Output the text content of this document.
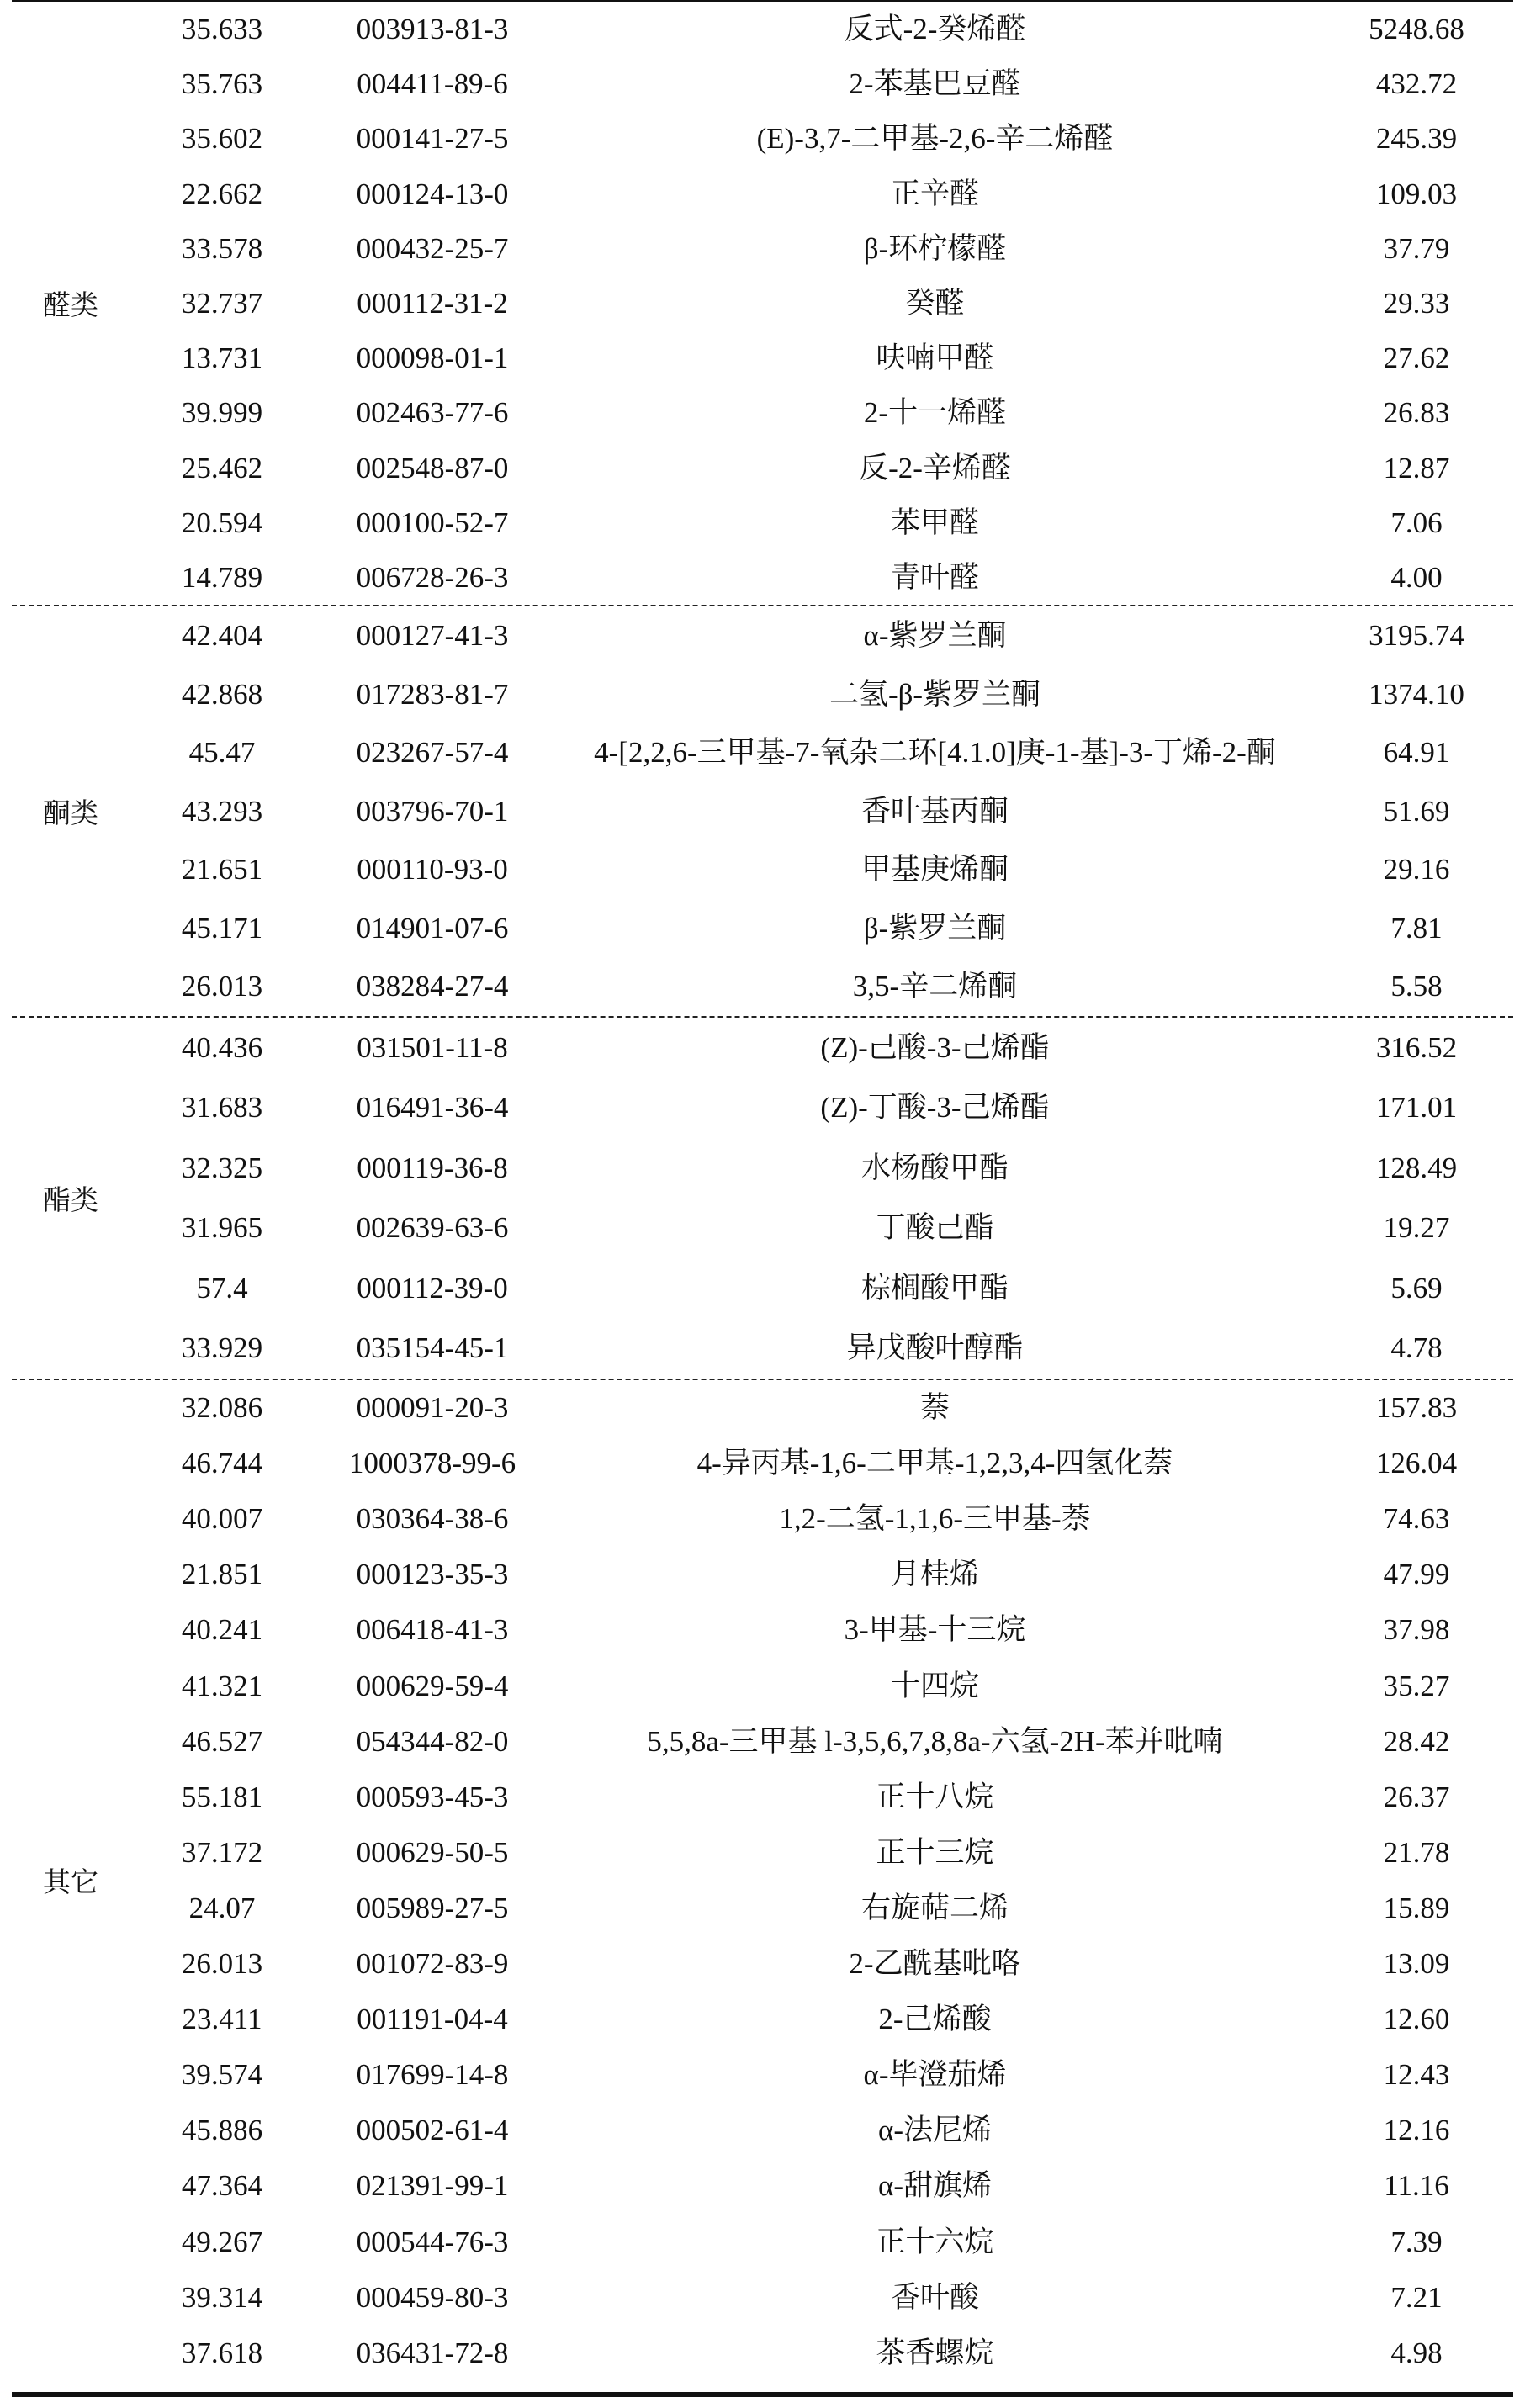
醛类
35.633	003913-81-3	反式-2-癸烯醛	5248.68
35.763	004411-89-6	2-苯基巴豆醛	432.72
35.602	000141-27-5	(E)-3,7-二甲基-2,6-辛二烯醛	245.39
22.662	000124-13-0	正辛醛	109.03
33.578	000432-25-7	β-环柠檬醛	37.79
32.737	000112-31-2	癸醛	29.33
13.731	000098-01-1	呋喃甲醛	27.62
39.999	002463-77-6	2-十一烯醛	26.83
25.462	002548-87-0	反-2-辛烯醛	12.87
20.594	000100-52-7	苯甲醛	7.06
14.789	006728-26-3	青叶醛	4.00
酮类
42.404	000127-41-3	α-紫罗兰酮	3195.74
42.868	017283-81-7	二氢-β-紫罗兰酮	1374.10
45.47	023267-57-4	4-[2,2,6-三甲基-7-氧杂二环[4.1.0]庚-1-基]-3-丁烯-2-酮	64.91
43.293	003796-70-1	香叶基丙酮	51.69
21.651	000110-93-0	甲基庚烯酮	29.16
45.171	014901-07-6	β-紫罗兰酮	7.81
26.013	038284-27-4	3,5-辛二烯酮	5.58
酯类
40.436	031501-11-8	(Z)-己酸-3-己烯酯	316.52
31.683	016491-36-4	(Z)-丁酸-3-己烯酯	171.01
32.325	000119-36-8	水杨酸甲酯	128.49
31.965	002639-63-6	丁酸己酯	19.27
57.4	000112-39-0	棕榈酸甲酯	5.69
33.929	035154-45-1	异戊酸叶醇酯	4.78
其它
32.086	000091-20-3	萘	157.83
46.744	1000378-99-6	4-异丙基-1,6-二甲基-1,2,3,4-四氢化萘	126.04
40.007	030364-38-6	1,2-二氢-1,1,6-三甲基-萘	74.63
21.851	000123-35-3	月桂烯	47.99
40.241	006418-41-3	3-甲基-十三烷	37.98
41.321	000629-59-4	十四烷	35.27
46.527	054344-82-0	5,5,8a-三甲基 l-3,5,6,7,8,8a-六氢-2H-苯并吡喃	28.42
55.181	000593-45-3	正十八烷	26.37
37.172	000629-50-5	正十三烷	21.78
24.07	005989-27-5	右旋萜二烯	15.89
26.013	001072-83-9	2-乙酰基吡咯	13.09
23.411	001191-04-4	2-己烯酸	12.60
39.574	017699-14-8	α-毕澄茄烯	12.43
45.886	000502-61-4	α-法尼烯	12.16
47.364	021391-99-1	α-甜旗烯	11.16
49.267	000544-76-3	正十六烷	7.39
39.314	000459-80-3	香叶酸	7.21
37.618	036431-72-8	茶香螺烷	4.98
